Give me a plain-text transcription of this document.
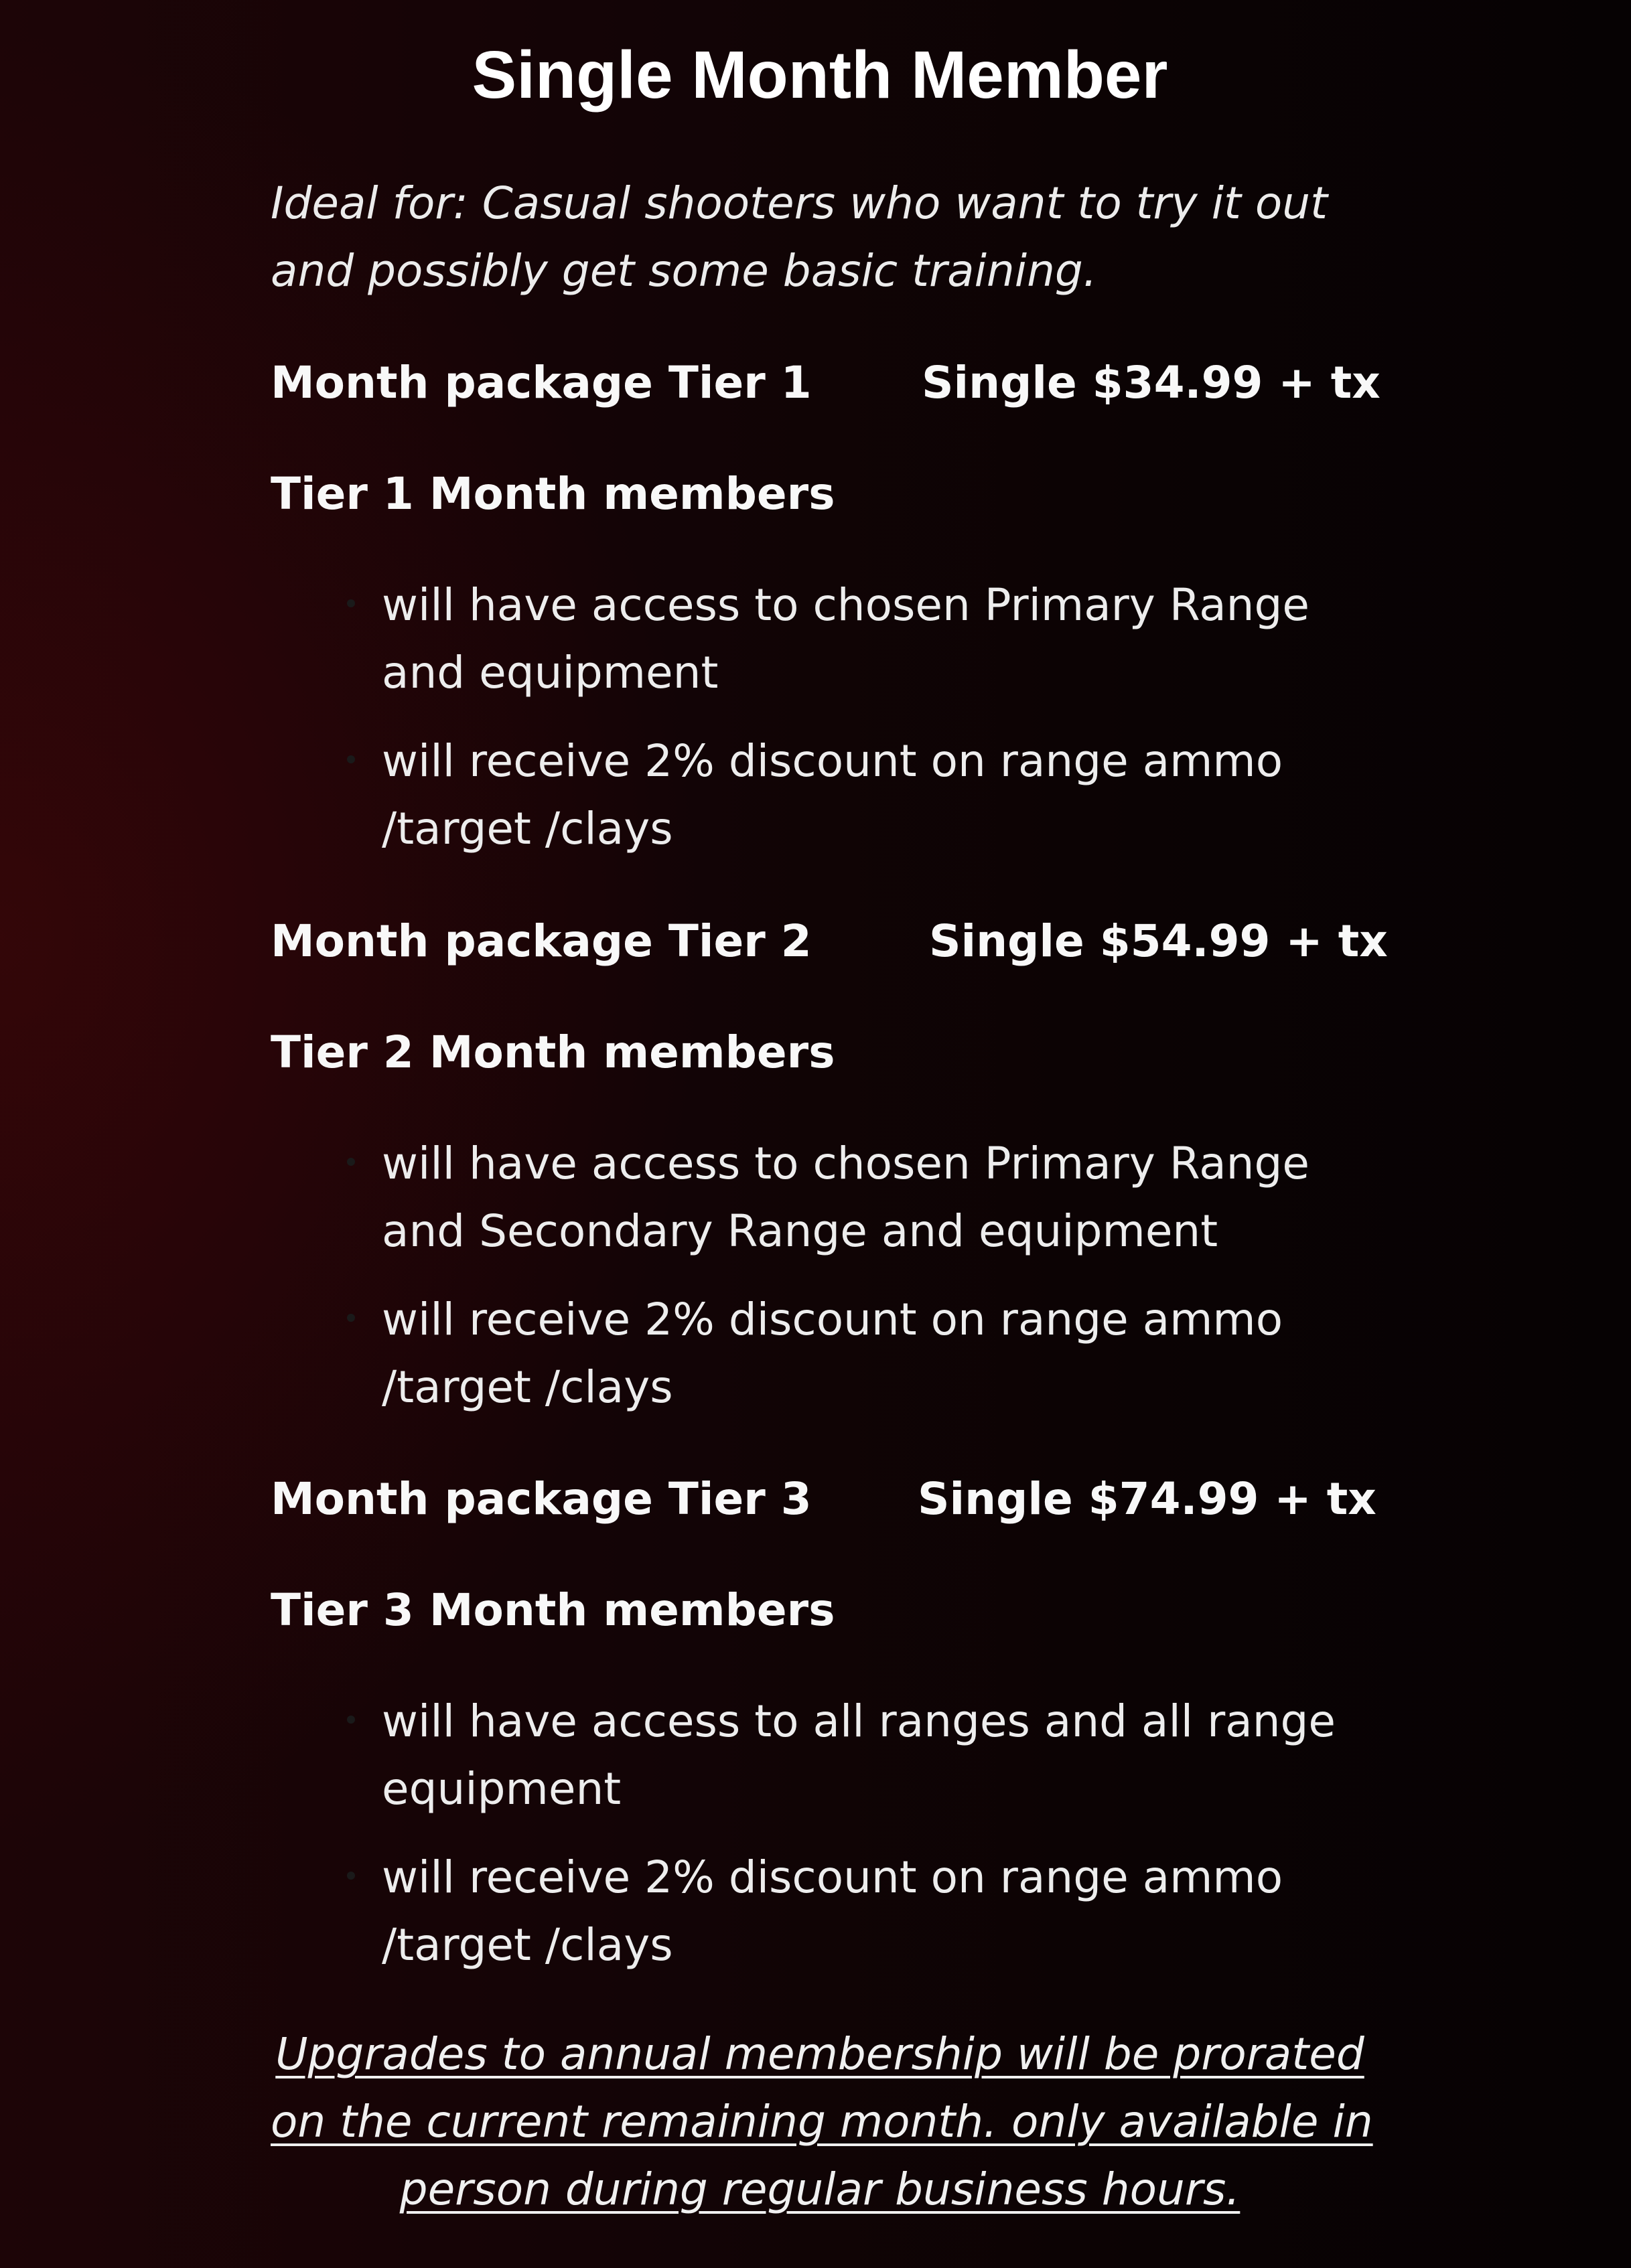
Single Month Member
Ideal for: Casual shooters who want to try it out
and possibly get some basic training.
Month package Tier 1 Single $34.99 + tx
Tier 1 Month members
will have access to chosen Primary Range
and equipment
will receive 2% discount on range ammo
/target /clays
Month package Tier 2	Single $54.99 + tx
Tier 2 Month members
will have access to chosen Primary Range
and Secondary Range and equipment
will receive 2% discount on range ammo
/target /clays
Month package Tier 3 Single $74.99 + tx
Tier 3 Month members
will have access to all ranges and all range
equipment
will receive 2% discount on range ammo
/target /clays
Upgrades to annual membership will be prorated
on the current remaining month. only available in
person during regular business hours.
